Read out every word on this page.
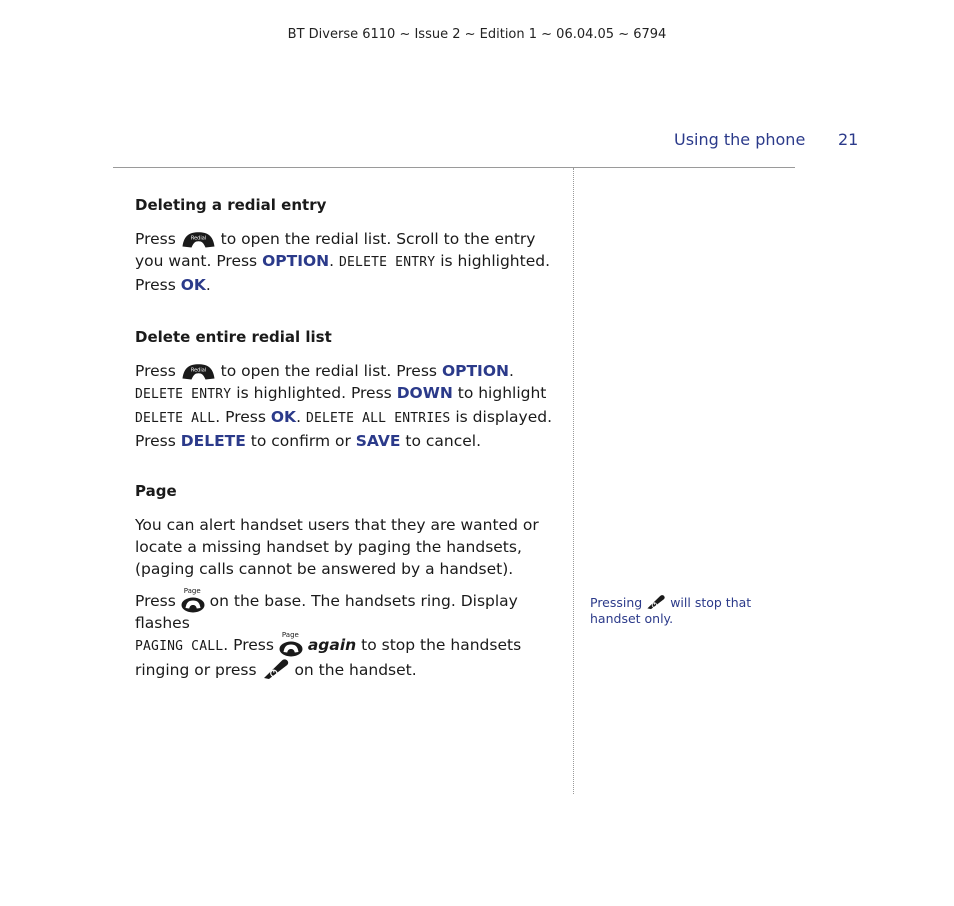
BT Diverse 6110 ~ Issue 2 ~ Edition 1 ~ 06.04.05 ~ 6794
Using the phone 21
Deleting a redial entry

Press	Redial to open the redial list. Scroll to the entry you want. Press OPTION. DELETE ENTRY is highlighted. Press OK.

Delete entire redial list

Press	Redial to open the redial list. Press OPTION.
DELETE ENTRY is highlighted. Press DOWN to highlight
DELETE ALL. Press OK. DELETE ALL ENTRIES is displayed. Press DELETE to confirm or SAVE to cancel.

Page

You can alert handset users that they are wanted or locate a missing handset by paging the handsets, (paging calls cannot be answered by a handset).

Press
Page
on the base. The handsets ring. Display flashes
PAGING CALL. Press
Page
again to stop the handsets ringing or press on the handset.

Pressing will stop that handset only.
